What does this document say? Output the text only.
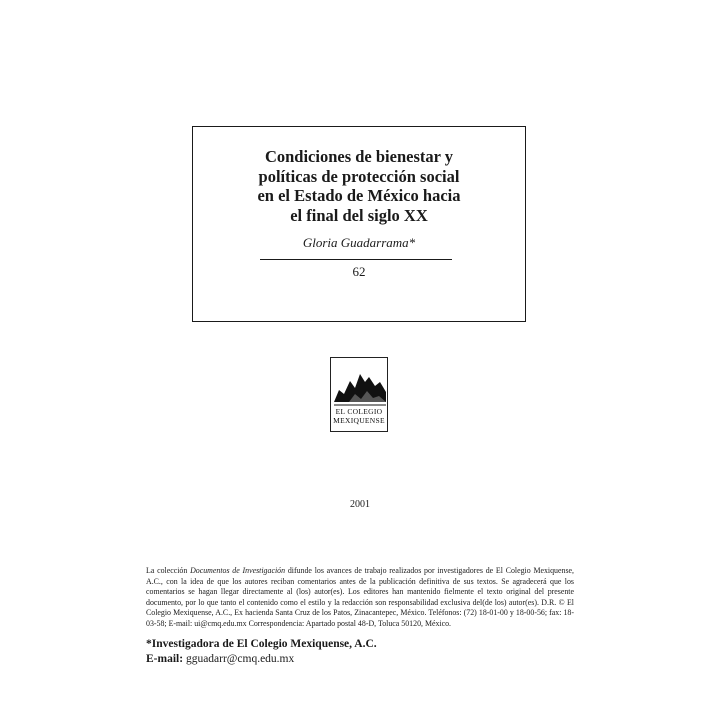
Condiciones de bienestar y
políticas de protección social
en el Estado de México hacia
el final del siglo XX
Gloria Guadarrama*
62
EL COLEGIO
MEXIQUENSE
2001

La colección Documentos de Investigación difunde los avances de trabajo realizados por investigadores de El Colegio Mexiquense, A.C., con la idea de que los autores reciban comentarios antes de la publicación definitiva de sus textos. Se agradecerá que los comentarios se hagan llegar directamente al (los) autor(es). Los editores han mantenido fielmente el texto original del presente documento, por lo que tanto el contenido como el estilo y la redacción son responsabilidad exclusiva del(de los) autor(es). D.R. © El Colegio Mexiquense, A.C., Ex hacienda Santa Cruz de los Patos, Zinacantepec, México. Teléfonos: (72) 18-01-00 y 18-00-56; fax: 18-03-58; E-mail: ui@cmq.edu.mx Correspondencia: Apartado postal 48-D, Toluca 50120, México.

*Investigadora de El Colegio Mexiquense, A.C.
E-mail: gguadarr@cmq.edu.mx
